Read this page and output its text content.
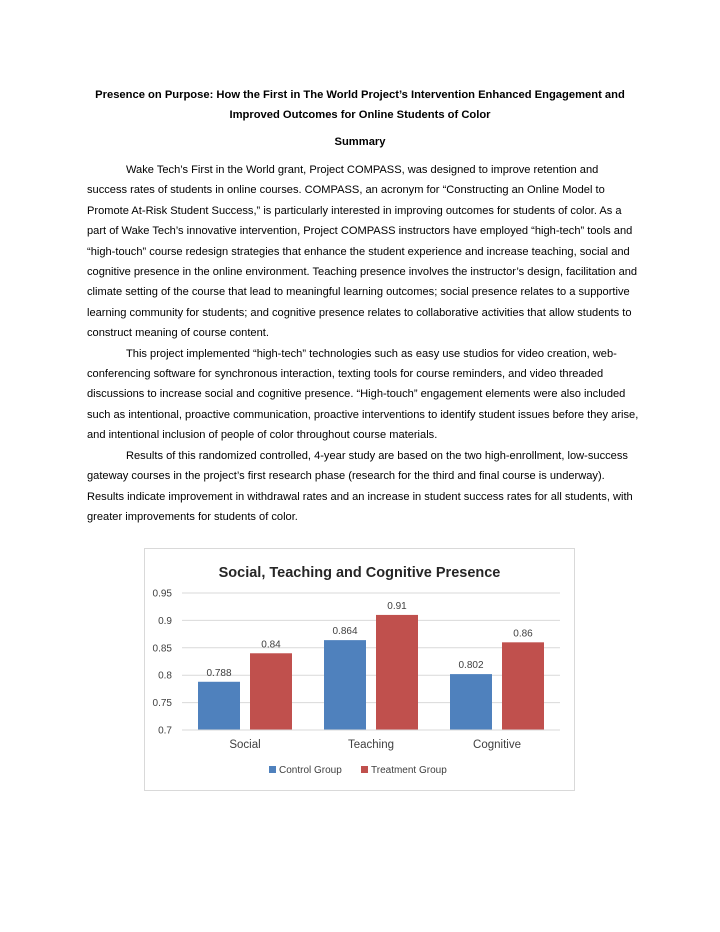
Presence on Purpose: How the First in The World Project’s Intervention Enhanced Engagement and
Improved Outcomes for Online Students of Color
Summary

Wake Tech’s First in the World grant, Project COMPASS, was designed to improve retention and success rates of students in online courses. COMPASS, an acronym for “Constructing an Online Model to Promote At-Risk Student Success,” is particularly interested in improving outcomes for students of color. As a part of Wake Tech’s innovative intervention, Project COMPASS instructors have employed “high-tech” tools and “high-touch” course redesign strategies that enhance the student experience and increase teaching, social and cognitive presence in the online environment. Teaching presence involves the instructor’s design, facilitation and climate setting of the course that lead to meaningful learning outcomes; social presence relates to a supportive learning community for students; and cognitive presence relates to collaborative activities that allow students to construct meaning of course content.

This project implemented “high-tech” technologies such as easy use studios for video creation, web-conferencing software for synchronous interaction, texting tools for course reminders, and video threaded discussions to increase social and cognitive presence. “High-touch” engagement elements were also included such as intentional, proactive communication, proactive interventions to identify student issues before they arise, and intentional inclusion of people of color throughout course materials.

Results of this randomized controlled, 4-year study are based on the two high-enrollment, low-success gateway courses in the project’s first research phase (research for the third and final course is underway). Results indicate improvement in withdrawal rates and an increase in student success rates for all students, with greater improvements for students of color.

Social, Teaching and Cognitive Presence
0.95
0.9
0.85
0.8
0.75
0.7
0.788
0.84
0.864
0.91
0.802
0.86
Social	Teaching	Cognitive
Control Group	Treatment Group
